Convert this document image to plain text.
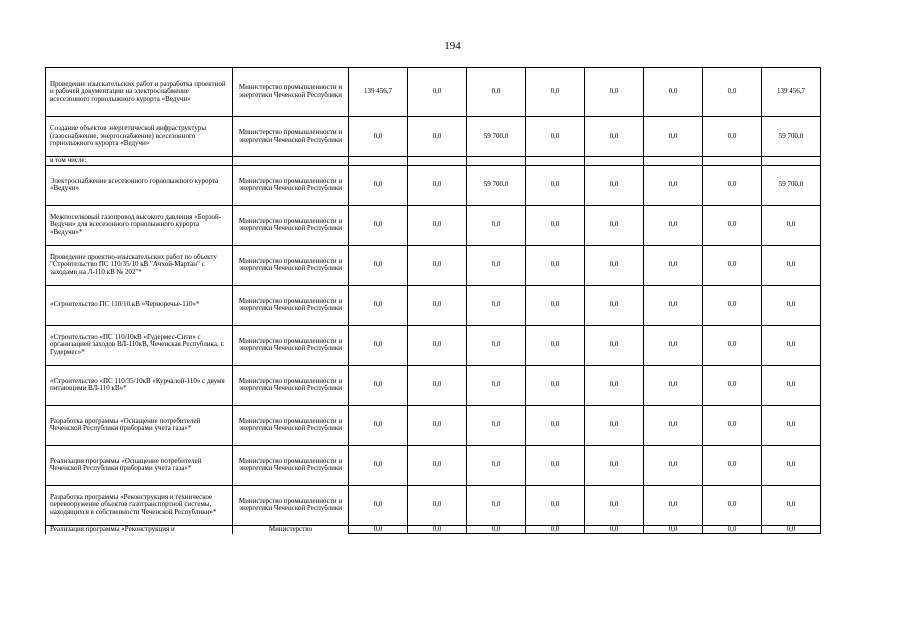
194
Проведение изыскательских работ и разработка проектной и рабочей документации на электроснабжение всесезонного горнолыжного курорта «Ведучи»	Министерство промышленности и энергетики Чеченской Республики	139 456,7	0,0	0,0	0,0	0,0	0,0	0,0	139 456,7
Создание объектов энергетической инфраструктуры (газоснабжение, энергоснабжение) всесезонного горнолыжного курорта «Ведучи»	Министерство промышленности и энергетики Чеченской Республики	0,0	0,0	59 700,0	0,0	0,0	0,0	0,0	59 700,0
в том числе:									
Электроснабжение всесезонного горнолыжного курорта «Ведучи»	Министерство промышленности и энергетики Чеченской Республики	0,0	0,0	59 700,0	0,0	0,0	0,0	0,0	59 700,0
Межпоселковый газопровод высокого давления «Борзой-Ведучи» для всесезонного горнолыжного курорта «Ведучи»*	Министерство промышленности и энергетики Чеченской Республики	0,0	0,0	0,0	0,0	0,0	0,0	0,0	0,0
Проведение проектно-изыскательских работ по объекту "Строительство ПС 110/35/10 кВ "Ачхой-Мартан" с заходами на Л-110 кВ № 202"*	Министерство промышленности и энергетики Чеченской Республики	0,0	0,0	0,0	0,0	0,0	0,0	0,0	0,0
«Строительство ПС 110/10 кВ «Черноречье-110»*	Министерство промышленности и энергетики Чеченской Республики	0,0	0,0	0,0	0,0	0,0	0,0	0,0	0,0
«Строительство «ПС 110/10кВ «Гудермес-Сити» с организацией заходов ВЛ-110кВ, Чеченская Республика, г. Гудермес»*	Министерство промышленности и энергетики Чеченской Республики	0,0	0,0	0,0	0,0	0,0	0,0	0,0	0,0
«Строительство «ПС 110/35/10кВ «Курчалой-110» с двумя питающими ВЛ-110 кВ»*	Министерство промышленности и энергетики Чеченской Республики	0,0	0,0	0,0	0,0	0,0	0,0	0,0	0,0
Разработка программы «Оснащение потребителей Чеченской Республики приборами учета газа»*	Министерство промышленности и энергетики Чеченской Республики	0,0	0,0	0,0	0,0	0,0	0,0	0,0	0,0
Реализация программы «Оснащение потребителей Чеченской Республики приборами учета газа»*	Министерство промышленности и энергетики Чеченской Республики	0,0	0,0	0,0	0,0	0,0	0,0	0,0	0,0
Разработка программы «Реконструкция и техническое перевооружение объектов газотранспортной системы, находящихся в собственности Чеченской Республики»*	Министерство промышленности и энергетики Чеченской Республики	0,0	0,0	0,0	0,0	0,0	0,0	0,0	0,0
Реализация программы «Реконструкция и	Министерство	0,0	0,0	0,0	0,0	0,0	0,0	0,0	0,0
